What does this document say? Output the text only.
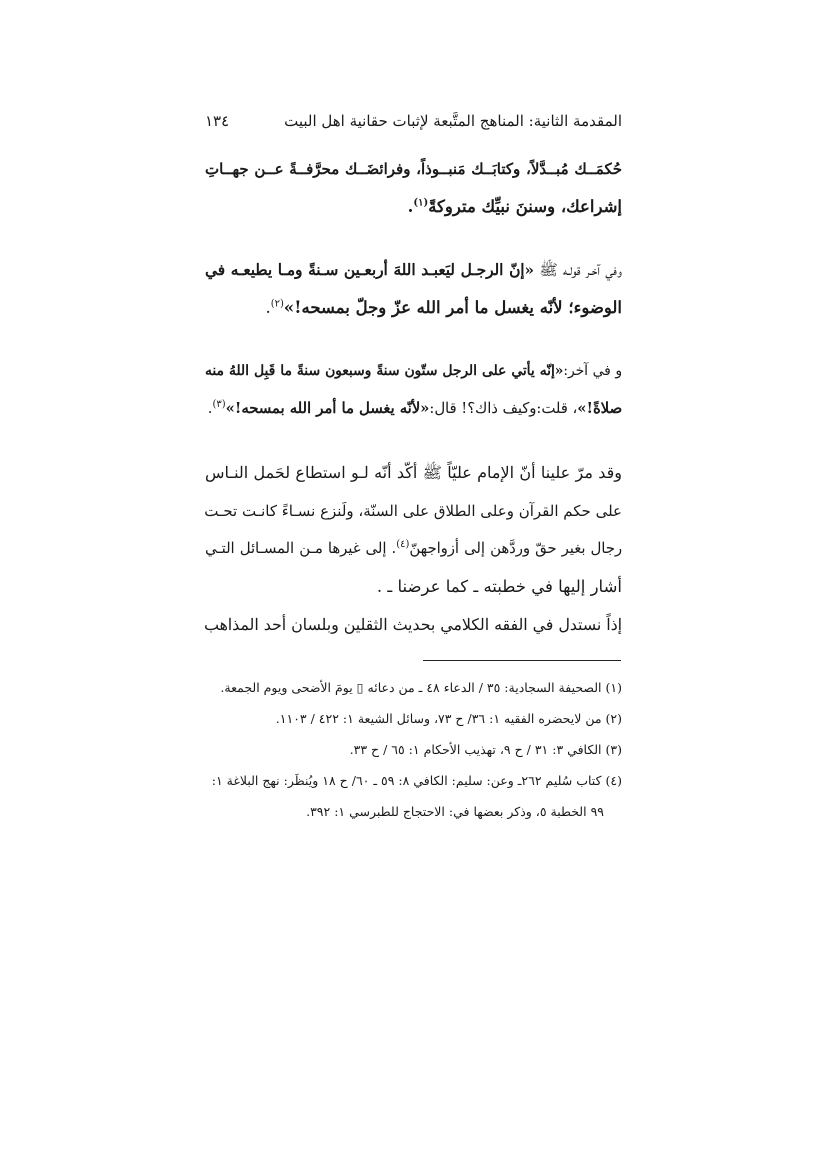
المقدمة الثانية: المناهج المتَّبعة لإثبات حقانية اهل البيت
١٣٤

حُكمَــك مُبــدَّلاً، وكتابَــك مَنبــوذاً، وفرائضَــك محرَّفــةً عــن جهــاتِ
إشراعك، وسننَ نبيِّك متروكةً$^{(١)}$.

وفي آخـر قولـه ﷺ «إنّ الرجـل ليَعبـد اللهَ أربعـين سـنةً ومـا يطيعـه في
الوضوء؛ لأنّه يغسل ما أمر الله عزّ وجلّ بمسحه!»$^{(٢)}$.

و في آخر:«إنّه يأتي على الرجل ستّون سنةً وسبعون سنةً ما قَبِل اللهُ منه
صلاةً!»، قلت:وكيف ذاك؟! قال:«لأنّه يغسل ما أمر الله بمسحه!»$^{(٣)}$.

وقد مرّ علينا أنّ الإمام عليّاً ﷺ أكّد أنّه لـو استطاع لحَمل النـاس
على حكم القرآن وعلى الطلاق على السنّة، ولَنزع نسـاءً كانـت تحـت
رجال بغير حقّ وردَّهن إلى أزواجهنّ$^{(٤)}$. إلى غيرها مـن المسـائل التـي
أشار إليها في خطبته ـ كما عرضنا ـ .

إذاً نستدل في الفقه الكلامي بحديث الثقلين وبلسان أحد المذاهب

(١) الصحيفة السجادية: ٣٥ / الدعاء ٤٨ ـ من دعائه ▯ يومَ الأضحى ويوم الجمعة.
(٢) من لايحضره الفقيه ١: ٣٦/ ح ٧٣، وسائل الشيعة ١: ٤٢٢ / ١١٠٣.
(٣) الكافي ٣: ٣١ / ح ٩، تهذيب الأحكام ١: ٦٥ / ح ٣٣.
(٤) كتاب سُليم ٢٦٢ـ وعن: سليم: الكافي ٨: ٥٩ ـ ٦٠/ ح ١٨ ويُنظَر: نهج البلاغة ١:
٩٩ الخطبة ٥، وذكر بعضها في: الاحتجاج للطبرسي ١: ٣٩٢.
